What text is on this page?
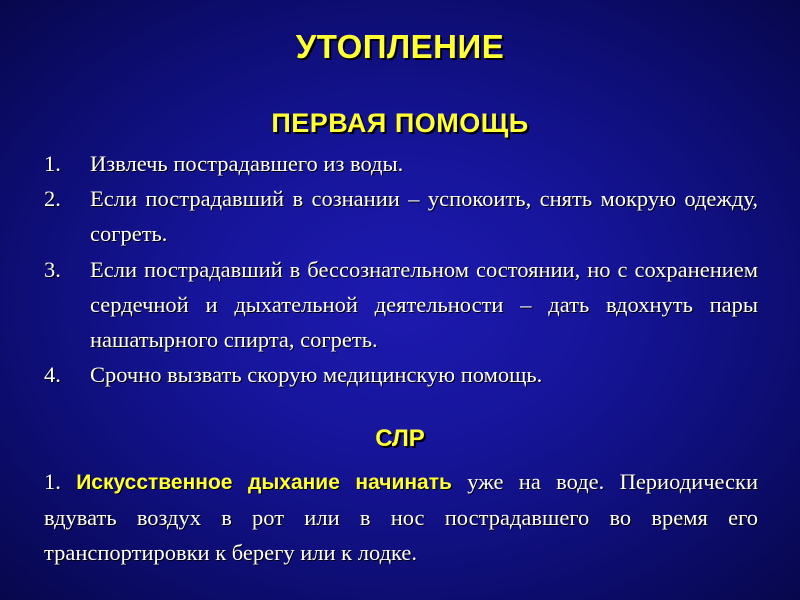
УТОПЛЕНИЕ
ПЕРВАЯ ПОМОЩЬ
1.	Извлечь пострадавшего из воды.
2.	Если пострадавший в сознании – успокоить, снять мокрую одежду, согреть.
3.	Если пострадавший в бессознательном состоянии, но с сохранением сердечной и дыхательной деятельности – дать вдохнуть пары нашатырного спирта, согреть.
4.	Срочно вызвать скорую медицинскую помощь.
СЛР

1. Искусственное дыхание начинать уже на воде. Периодически вдувать воздух в рот или в нос пострадавшего во время его транспортировки к берегу или к лодке.
